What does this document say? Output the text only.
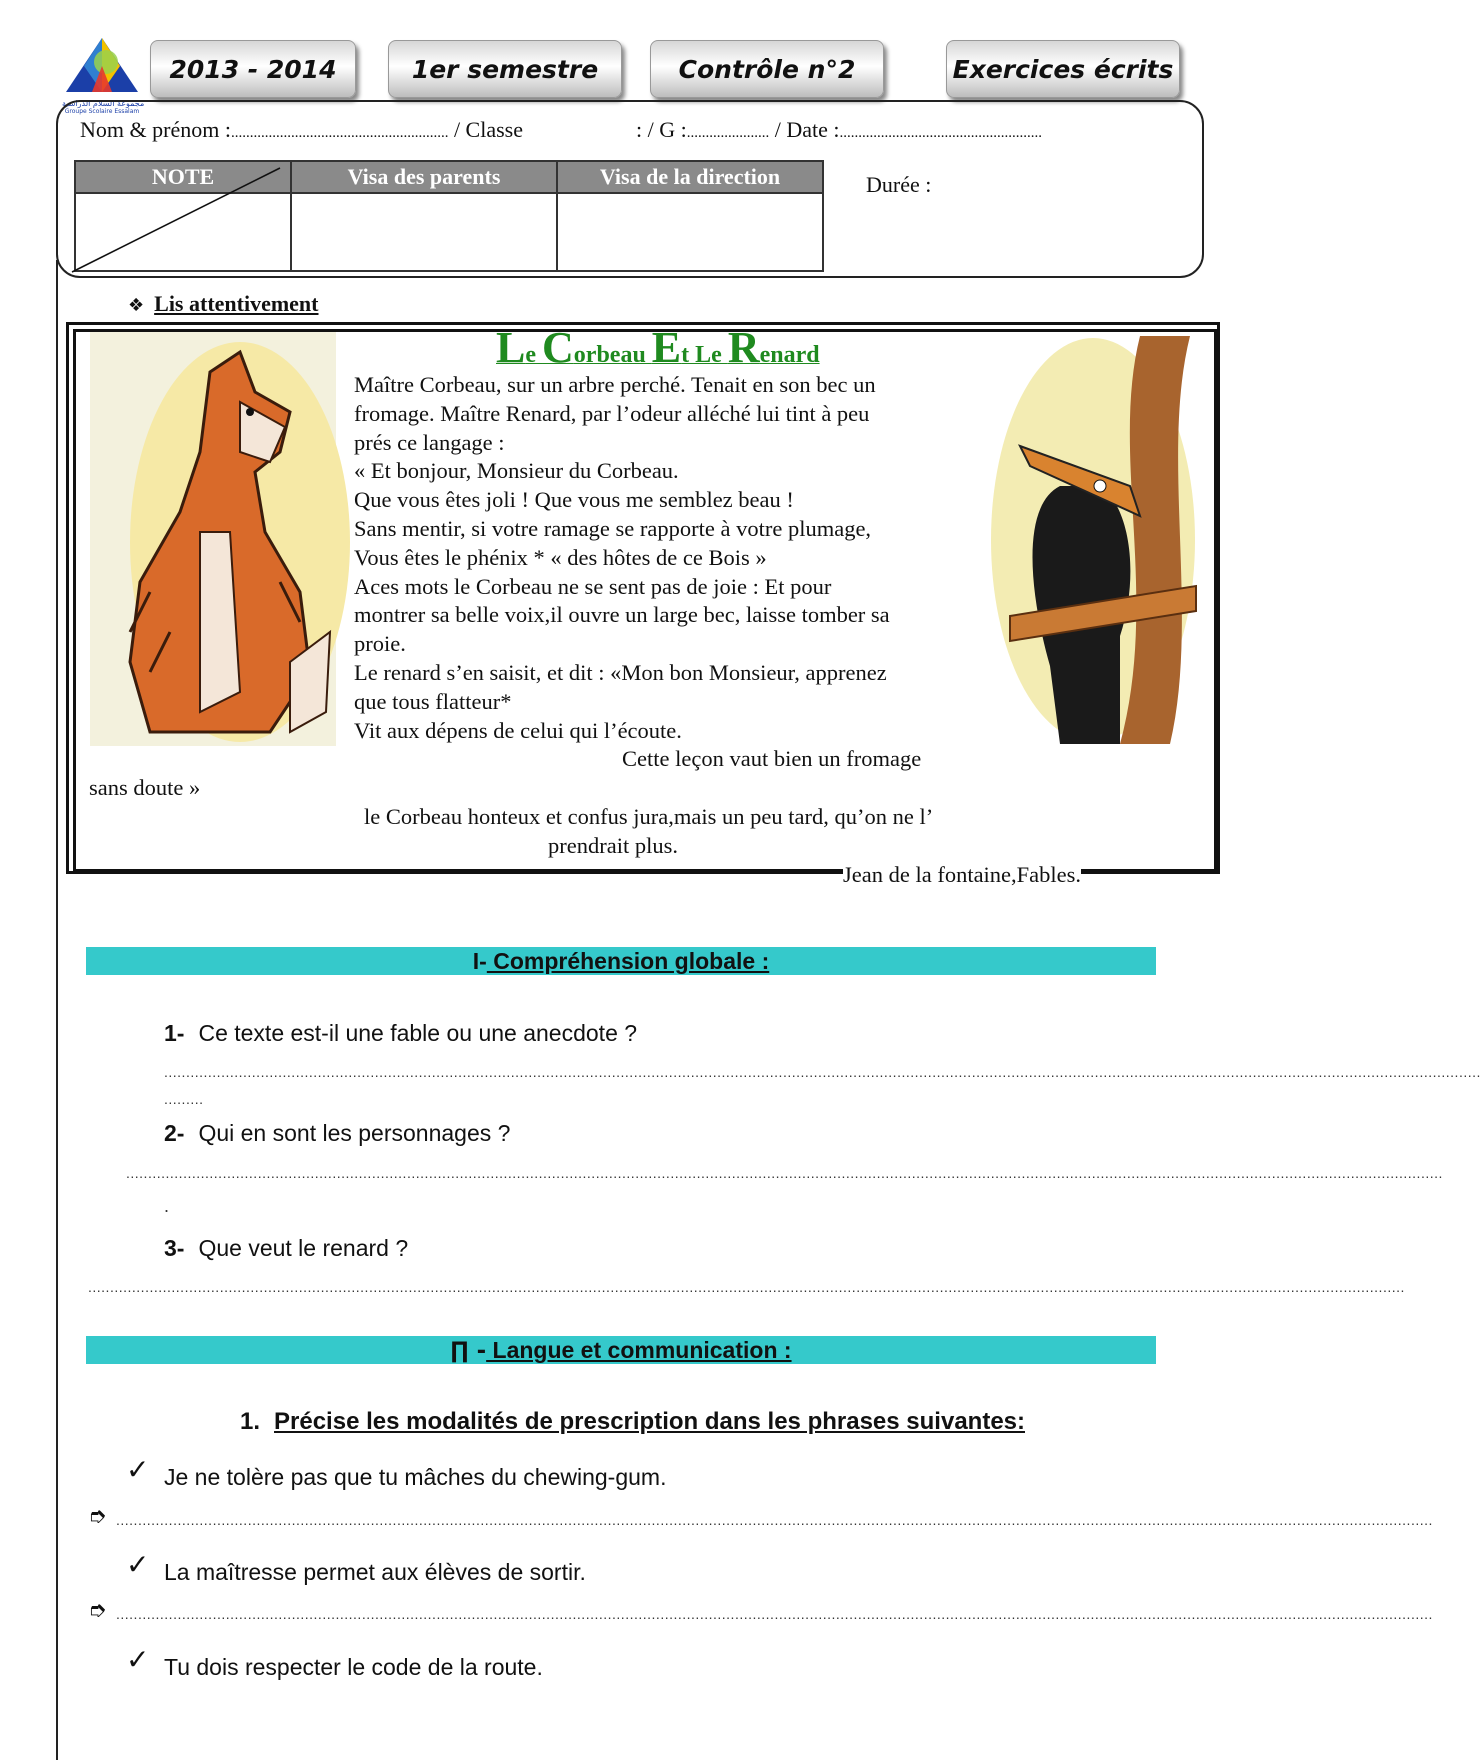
مجموعة السلام الدراسية
Groupe Scolaire Essalam
2013 - 2014	1er semestre	Contrôle n°2	Exercices écrits
Nom & prénom :.......................................................... / Classe	: / G :...................... / Date :......................................................
NOTE	Visa des parents	Visa de la direction

			Durée :
❖ Lis attentivement
Le Corbeau Et Le Renard
Maître Corbeau, sur un arbre perché. Tenait en son bec un
fromage. Maître Renard, par l’odeur alléché lui tint à peu
prés ce langage :
« Et bonjour, Monsieur du Corbeau.
Que vous êtes joli ! Que vous me semblez beau !
Sans mentir, si votre ramage se rapporte à votre plumage,
Vous êtes le phénix * « des hôtes de ce Bois »
Aces mots le Corbeau ne se sent pas de joie : Et pour
montrer sa belle voix,il ouvre un large bec, laisse tomber sa
proie.
Le renard s’en saisit, et dit : «Mon bon Monsieur, apprenez
que tous flatteur*
Vit aux dépens de celui qui l’écoute.
Cette leçon vaut bien un fromage
sans doute »
le Corbeau honteux et confus jura,mais un peu tard, qu’on ne l’
prendrait plus.
Jean de la fontaine,Fables.
I- Compréhension globale :
1- Ce texte est-il une fable ou une anecdote ?
............................................................................................................................................................................................................................................................................................................
.........
2- Qui en sont les personnages ?
............................................................................................................................................................................................................................................................................................................
.
3- Que veut le renard ?
............................................................................................................................................................................................................................................................................................................
∏ - Langue et communication :
1. Précise les modalités de prescription dans les phrases suivantes:
✓ Je ne tolère pas que tu mâches du chewing-gum.
➮ ............................................................................................................................................................................................................................................................................................................
✓ La maîtresse permet aux élèves de sortir.
➮ ............................................................................................................................................................................................................................................................................................................
✓ Tu dois respecter le code de la route.
